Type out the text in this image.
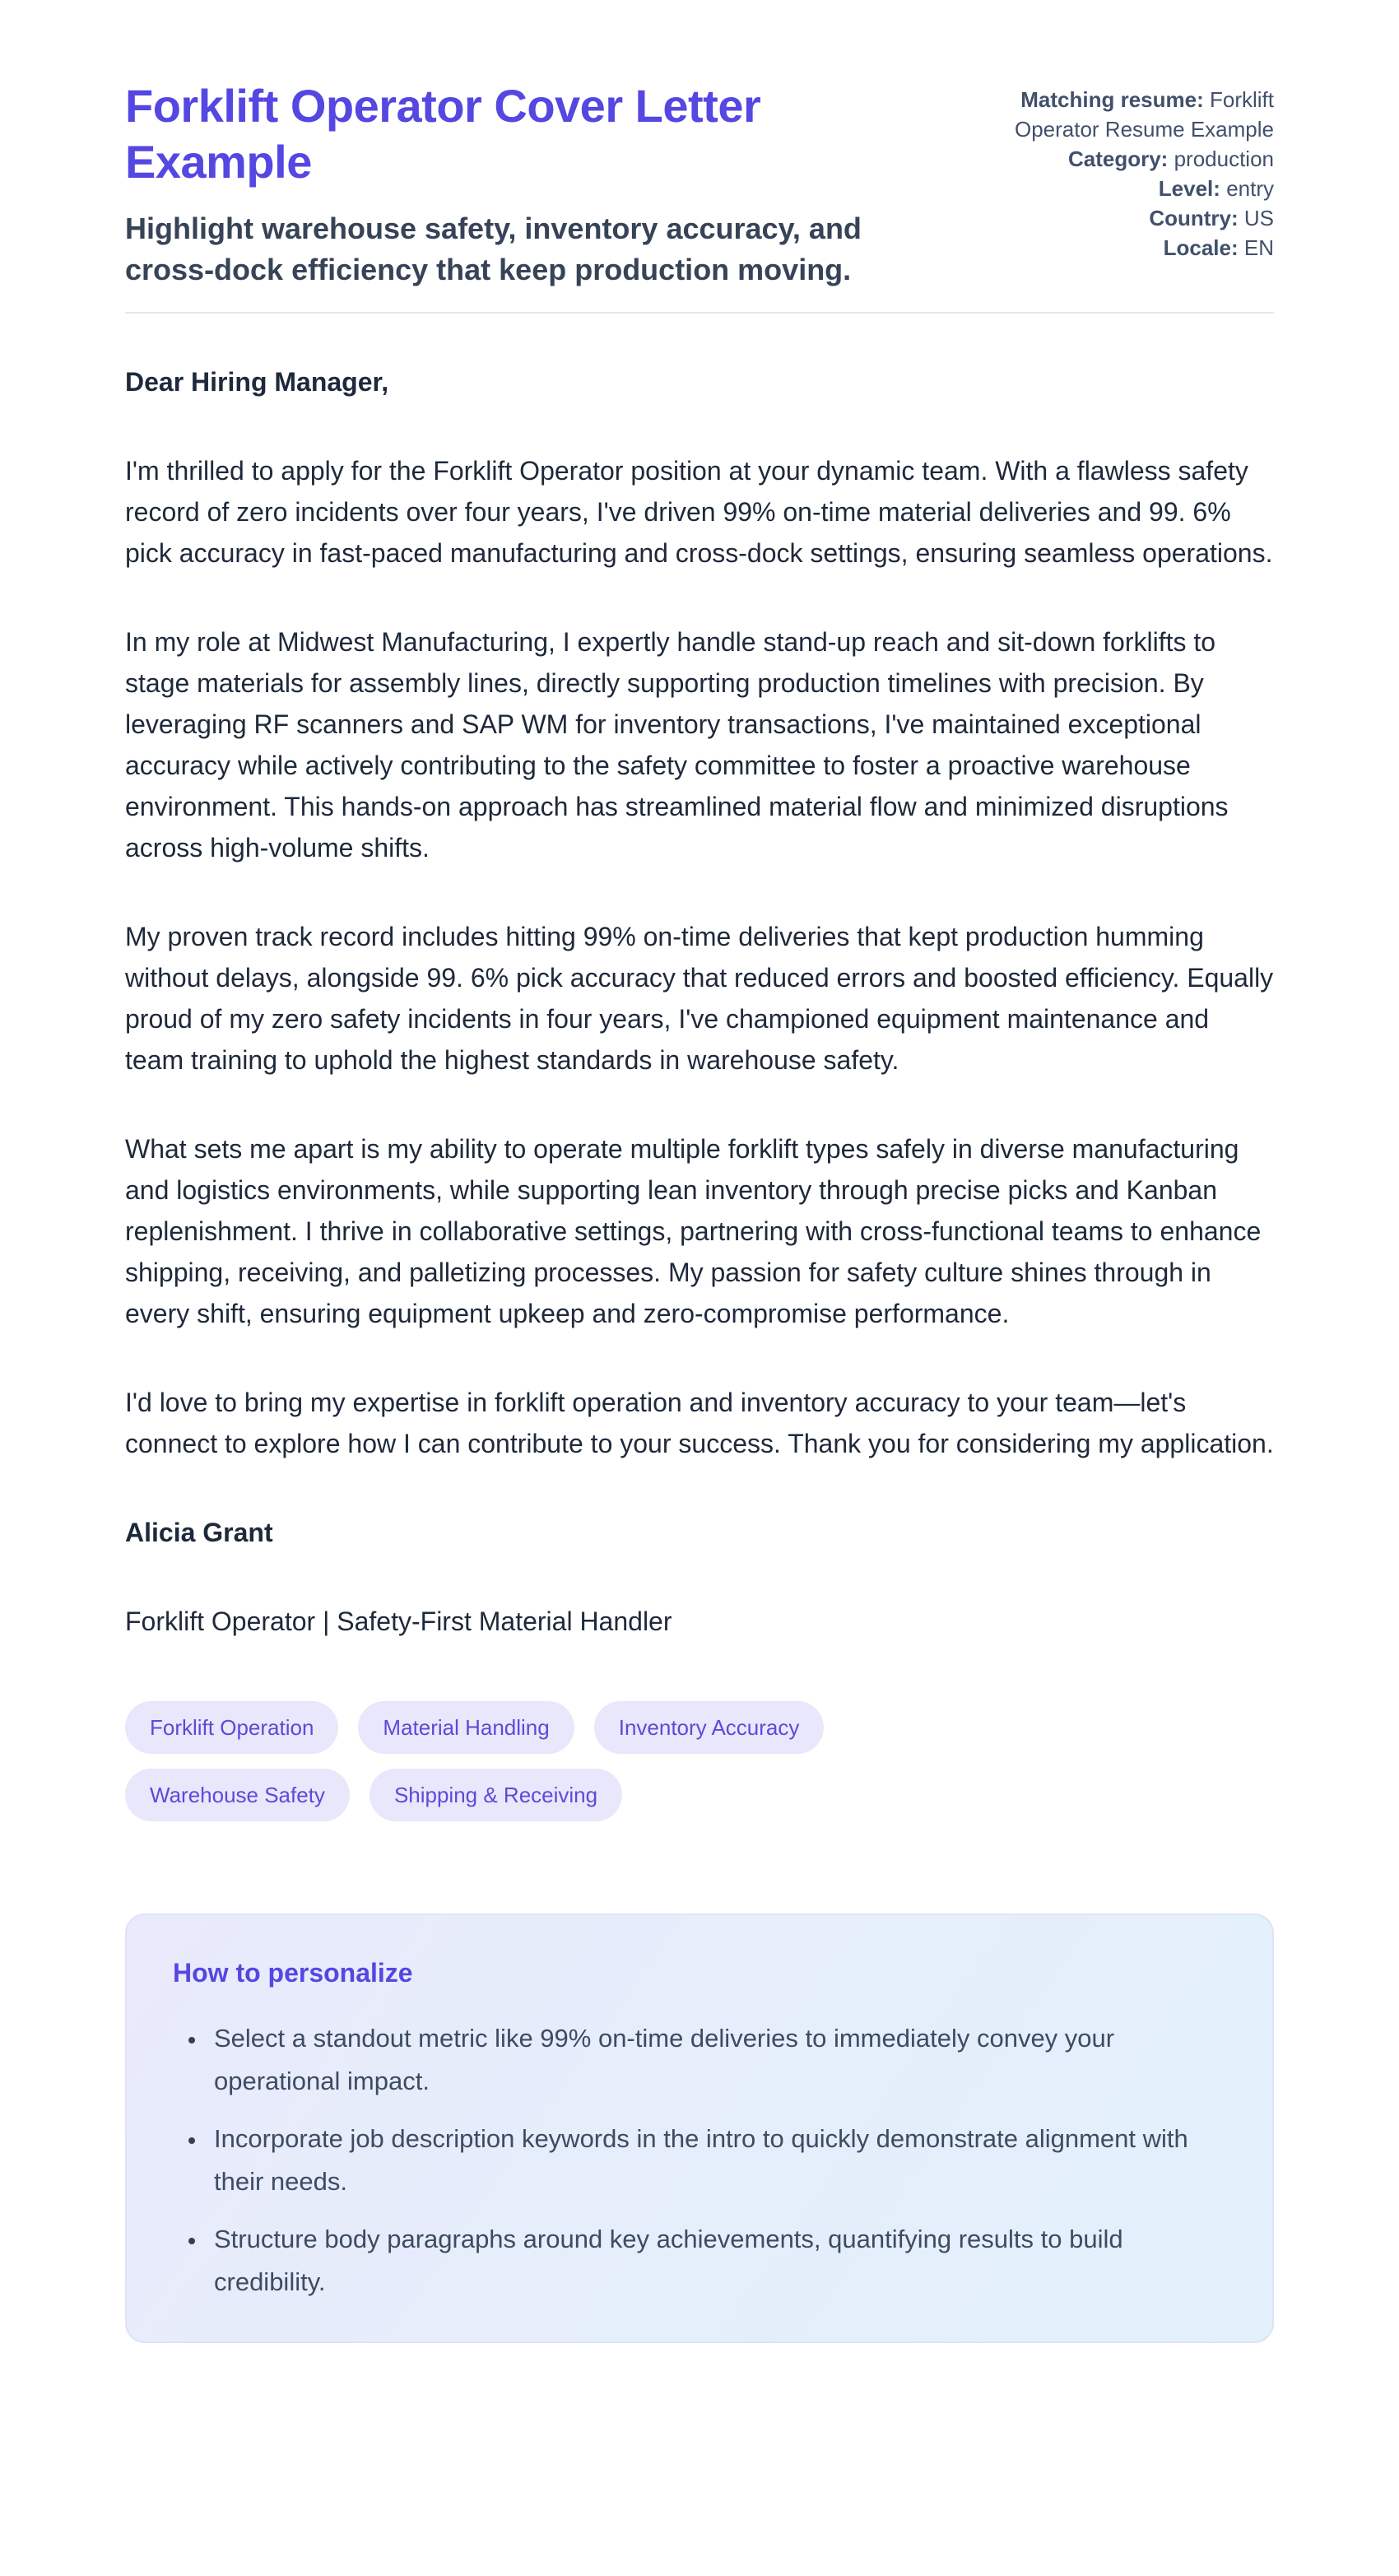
Forklift Operator Cover Letter Example
Highlight warehouse safety, inventory accuracy, and cross-dock efficiency that keep production moving.
Matching resume: Forklift Operator Resume Example
Category: production
Level: entry
Country: US
Locale: EN

Dear Hiring Manager,

I'm thrilled to apply for the Forklift Operator position at your dynamic team. With a flawless safety record of zero incidents over four years, I've driven 99% on-time material deliveries and 99. 6% pick accuracy in fast-paced manufacturing and cross-dock settings, ensuring seamless operations.

In my role at Midwest Manufacturing, I expertly handle stand-up reach and sit-down forklifts to stage materials for assembly lines, directly supporting production timelines with precision. By leveraging RF scanners and SAP WM for inventory transactions, I've maintained exceptional accuracy while actively contributing to the safety committee to foster a proactive warehouse environment. This hands-on approach has streamlined material flow and minimized disruptions across high-volume shifts.

My proven track record includes hitting 99% on-time deliveries that kept production humming without delays, alongside 99. 6% pick accuracy that reduced errors and boosted efficiency. Equally proud of my zero safety incidents in four years, I've championed equipment maintenance and team training to uphold the highest standards in warehouse safety.

What sets me apart is my ability to operate multiple forklift types safely in diverse manufacturing and logistics environments, while supporting lean inventory through precise picks and Kanban replenishment. I thrive in collaborative settings, partnering with cross-functional teams to enhance shipping, receiving, and palletizing processes. My passion for safety culture shines through in every shift, ensuring equipment upkeep and zero-compromise performance.

I'd love to bring my expertise in forklift operation and inventory accuracy to your team—let's connect to explore how I can contribute to your success. Thank you for considering my application.

Alicia Grant

Forklift Operator | Safety-First Material Handler

Forklift Operation	Material Handling	Inventory Accuracy
Warehouse Safety	Shipping & Receiving
How to personalize
• Select a standout metric like 99% on-time deliveries to immediately convey your operational impact.
• Incorporate job description keywords in the intro to quickly demonstrate alignment with their needs.
• Structure body paragraphs around key achievements, quantifying results to build credibility.
